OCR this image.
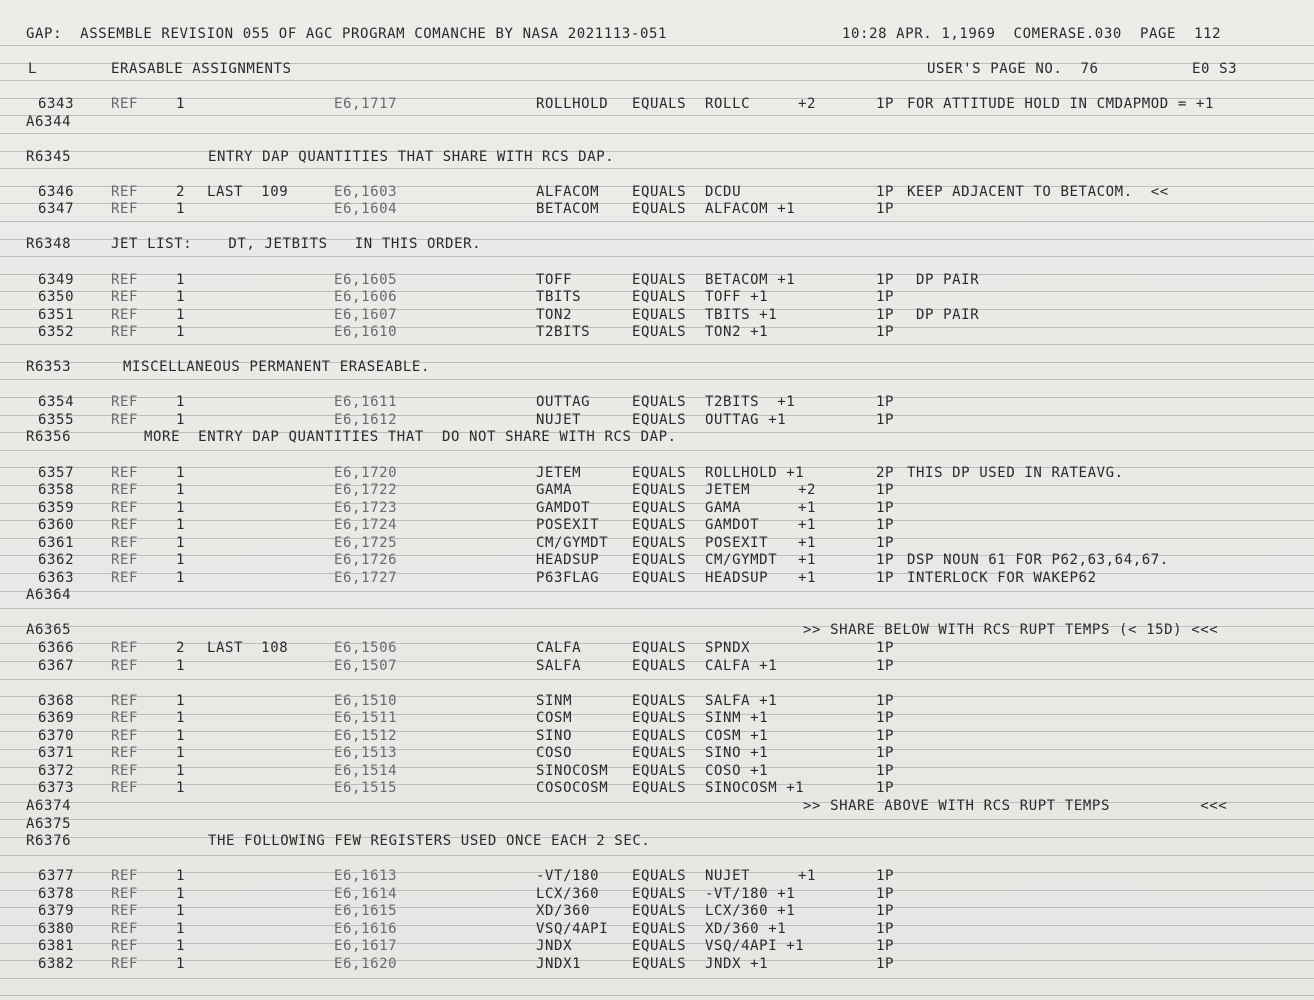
GAP:  ASSEMBLE REVISION 055 OF AGC PROGRAM COMANCHE BY NASA 2021113-051	10:28 APR. 1,1969  COMERASE.030  PAGE  112
L	ERASABLE ASSIGNMENTS	USER'S PAGE NO.  76	E0 S3
6343	REF	1	E6,1717	ROLLHOLD EQUALS ROLLC	+2	1P FOR ATTITUDE HOLD IN CMDAPMOD = +1
A6344
R6345	ENTRY DAP QUANTITIES THAT SHARE WITH RCS DAP.
6346	REF	2 LAST  109	E6,1603	ALFACOM EQUALS DCDU	1P KEEP ADJACENT TO BETACOM.  <<
6347	REF	1	E6,1604	BETACOM EQUALS ALFACOM +1	1P
R6348	JET LIST:    DT, JETBITS   IN THIS ORDER.
6349	REF	1	E6,1605	TOFF	EQUALS BETACOM +1	1P DP PAIR
6350	REF	1	E6,1606	TBITS	EQUALS TOFF +1	1P
6351	REF	1	E6,1607	TON2	EQUALS TBITS +1	1P DP PAIR
6352	REF	1	E6,1610	T2BITS	EQUALS TON2 +1	1P
R6353	MISCELLANEOUS PERMANENT ERASEABLE.
6354	REF	1	E6,1611	OUTTAG	EQUALS T2BITS  +1	1P
6355	REF	1	E6,1612	NUJET	EQUALS OUTTAG +1	1P
R6356	MORE  ENTRY DAP QUANTITIES THAT  DO NOT SHARE WITH RCS DAP.
6357	REF	1	E6,1720	JETEM	EQUALS ROLLHOLD +1	2P THIS DP USED IN RATEAVG.
6358	REF	1	E6,1722	GAMA	EQUALS JETEM	+2	1P
6359	REF	1	E6,1723	GAMDOT	EQUALS GAMA	+1	1P
6360	REF	1	E6,1724	POSEXIT EQUALS GAMDOT	+1	1P
6361	REF	1	E6,1725	CM/GYMDT EQUALS POSEXIT +1	1P
6362	REF	1	E6,1726	HEADSUP EQUALS CM/GYMDT +1	1P DSP NOUN 61 FOR P62,63,64,67.
6363	REF	1	E6,1727	P63FLAG EQUALS HEADSUP +1	1P INTERLOCK FOR WAKEP62
A6364
A6365	>> SHARE BELOW WITH RCS RUPT TEMPS (< 15D) <<<
6366	REF	2 LAST  108	E6,1506	CALFA	EQUALS SPNDX	1P
6367	REF	1	E6,1507	SALFA	EQUALS CALFA +1	1P
6368	REF	1	E6,1510	SINM	EQUALS SALFA +1	1P
6369	REF	1	E6,1511	COSM	EQUALS SINM +1	1P
6370	REF	1	E6,1512	SINO	EQUALS COSM +1	1P
6371	REF	1	E6,1513	COSO	EQUALS SINO +1	1P
6372	REF	1	E6,1514	SINOCOSM EQUALS COSO +1	1P
6373	REF	1	E6,1515	COSOCOSM EQUALS SINOCOSM +1	1P
A6374	>> SHARE ABOVE WITH RCS RUPT TEMPS          <<<
A6375
R6376	THE FOLLOWING FEW REGISTERS USED ONCE EACH 2 SEC.
6377	REF	1	E6,1613	-VT/180 EQUALS NUJET	+1	1P
6378	REF	1	E6,1614	LCX/360 EQUALS -VT/180 +1	1P
6379	REF	1	E6,1615	XD/360	EQUALS LCX/360 +1	1P
6380	REF	1	E6,1616	VSQ/4API EQUALS XD/360 +1	1P
6381	REF	1	E6,1617	JNDX	EQUALS VSQ/4API +1	1P
6382	REF	1	E6,1620	JNDX1	EQUALS JNDX +1	1P
